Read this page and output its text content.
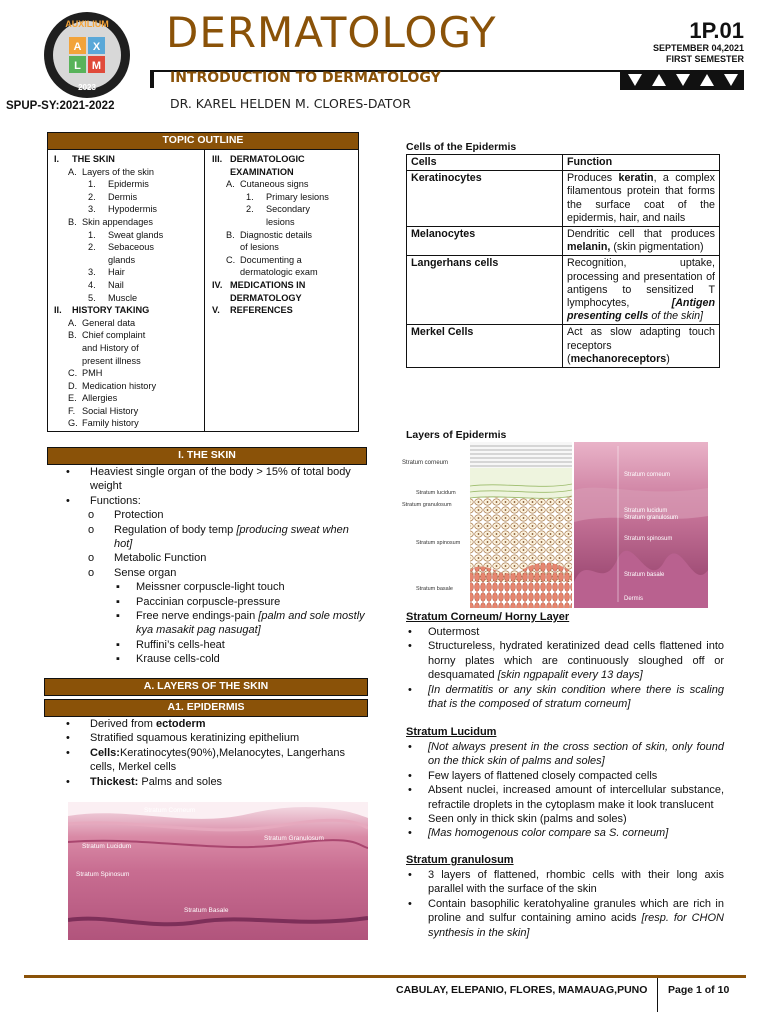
A X
L M
AUXILIUM
2023
SPUP-SY:2021-2022
DERMATOLOGY	1P.01
SEPTEMBER 04,2021
FIRST SEMESTER
INTRODUCTION TO DERMATOLOGY
DR. KAREL HELDEN M. CLORES-DATOR
TOPIC OUTLINE
I.	THE SKIN
A. Layers of the skin
1.	Epidermis
2.	Dermis
3.	Hypodermis
B. Skin appendages
1.	Sweat glands
2.	Sebaceous
glands
3.	Hair
4.	Nail
5.	Muscle
II.	HISTORY TAKING
A. General data
B. Chief complaint
and History of
present illness
C. PMH
D. Medication history
E. Allergies
F. Social History
G. Family history
III. DERMATOLOGIC
EXAMINATION
A. Cutaneous signs
1.	Primary lesions
2.	Secondary
lesions
B. Diagnostic details
of lesions
C. Documenting a
dermatologic exam
IV. MEDICATIONS IN
DERMATOLOGY
V.	REFERENCES
I. THE SKIN
• Heaviest single organ of the body > 15% of total body weight
• Functions:
o Protection
o Regulation of body temp [producing sweat when hot]
o Metabolic Function
o Sense organ
▪ Meissner corpuscle-light touch
▪ Paccinian corpuscle-pressure
▪ Free nerve endings-pain [palm and sole mostly kya masakit pag nasugat]
▪ Ruffini’s cells-heat
▪ Krause cells-cold
A. LAYERS OF THE SKIN
A1. EPIDERMIS
• Derived from ectoderm
• Stratified squamous keratinizing epithelium
• Cells:Keratinocytes(90%),Melanocytes, Langerhans cells, Merkel cells
• Thickest: Palms and soles
Stratum Corneum
Stratum Granulosum
Stratum Lucidum
Stratum Spinosum
Stratum Basale
Cells of the Epidermis
Cells	Function
Keratinocytes	Produces keratin, a complex filamentous protein that forms the surface coat of the epidermis, hair, and nails
Melanocytes	Dendritic cell that produces melanin, (skin pigmentation)
Langerhans cells	Recognition, uptake, processing and presentation of antigens to sensitized T lymphocytes, [Antigen presenting cells of the skin]
Merkel Cells	Act as slow adapting touch receptors (mechanoreceptors)
Layers of Epidermis
Stratum corneum
Stratum lucidum
Stratum granulosum
Stratum spinosum
Stratum basale
Stratum corneum
Stratum lucidum
Stratum granulosum
Stratum spinosum
Stratum basale
Dermis
Stratum Corneum/ Horny Layer
• Outermost
• Structureless, hydrated keratinized dead cells flattened into horny plates which are continuously sloughed off or desquamated [skin ngpapalit every 13 days]
• [In dermatitis or any skin condition where there is scaling that is the composed of stratum corneum]
Stratum Lucidum
• [Not always present in the cross section of skin, only found on the thick skin of palms and soles]
• Few layers of flattened closely compacted cells
• Absent nuclei, increased amount of intercellular substance, refractile droplets in the cytoplasm make it look translucent
• Seen only in thick skin (palms and soles)
• [Mas homogenous color compare sa S. corneum]
Stratum granulosum
• 3 layers of flattened, rhombic cells with their long axis parallel with the surface of the skin
• Contain basophilic keratohyaline granules which are rich in proline and sulfur containing amino acids [resp. for CHON synthesis in the skin]
CABULAY, ELEPANIO, FLORES, MAMAUAG,PUNO Page 1 of 10
